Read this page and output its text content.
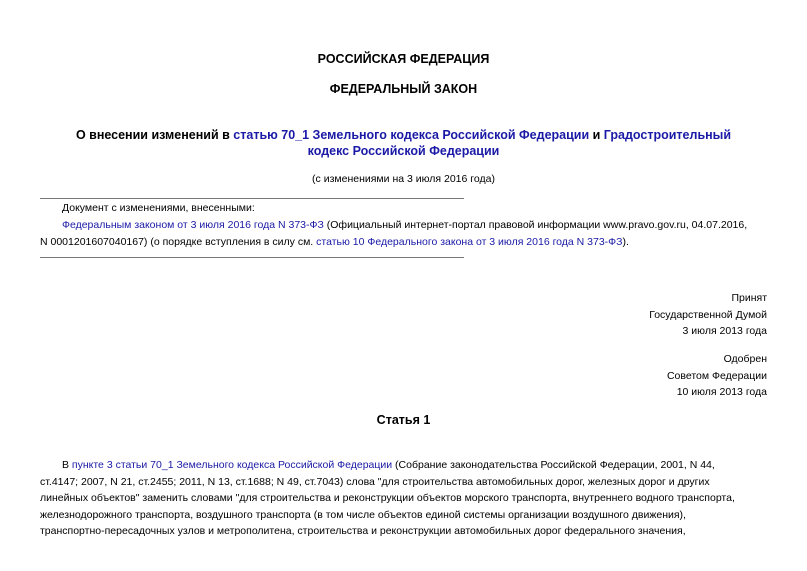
РОССИЙСКАЯ ФЕДЕРАЦИЯ
ФЕДЕРАЛЬНЫЙ ЗАКОН
О внесении изменений в статью 70_1 Земельного кодекса Российской Федерации и Градостроительный
кодекс Российской Федерации
(с изменениями на 3 июля 2016 года)
Документ с изменениями, внесенными:
Федеральным законом от 3 июля 2016 года N 373-ФЗ (Официальный интернет-портал правовой информации www.pravo.gov.ru, 04.07.2016,
N 0001201607040167) (о порядке вступления в силу см. статью 10 Федерального закона от 3 июля 2016 года N 373-ФЗ).
Принят
Государственной Думой
3 июля 2013 года
Одобрен
Советом Федерации
10 июля 2013 года
Статья 1
В пункте 3 статьи 70_1 Земельного кодекса Российской Федерации (Собрание законодательства Российской Федерации, 2001, N 44,
ст.4147; 2007, N 21, ст.2455; 2011, N 13, ст.1688; N 49, ст.7043) слова "для строительства автомобильных дорог, железных дорог и других
линейных объектов" заменить словами "для строительства и реконструкции объектов морского транспорта, внутреннего водного транспорта,
железнодорожного транспорта, воздушного транспорта (в том числе объектов единой системы организации воздушного движения),
транспортно-пересадочных узлов и метрополитена, строительства и реконструкции автомобильных дорог федерального значения,
